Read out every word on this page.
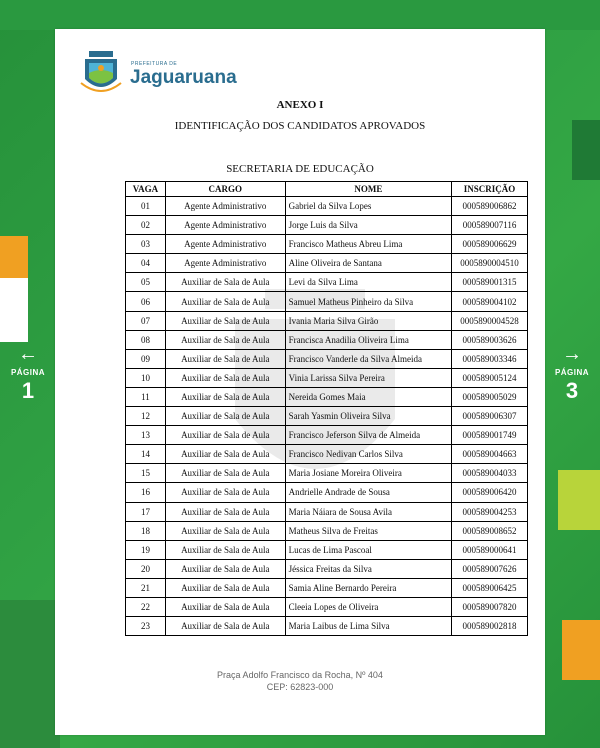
←
PÁGINA
1
→
PÁGINA
3
PREFEITURA DE
Jaguaruana
ANEXO I
IDENTIFICAÇÃO DOS CANDIDATOS APROVADOS
SECRETARIA DE EDUCAÇÃO
VAGA	CARGO	NOME	INSCRIÇÃO
01	Agente Administrativo	Gabriel da Silva Lopes	000589006862
02	Agente Administrativo	Jorge Luis da Silva	000589007116
03	Agente Administrativo	Francisco Matheus Abreu Lima	000589006629
04	Agente Administrativo	Aline Oliveira de Santana	0005890004510
05	Auxiliar de Sala de Aula	Levi da Silva Lima	000589001315
06	Auxiliar de Sala de Aula	Samuel Matheus Pinheiro da Silva	000589004102
07	Auxiliar de Sala de Aula	Ivania Maria Silva Girão	0005890004528
08	Auxiliar de Sala de Aula	Francisca Anadilia Oliveira Lima	000589003626
09	Auxiliar de Sala de Aula	Francisco Vanderle da Silva Almeida	000589003346
10	Auxiliar de Sala de Aula	Vinia Larissa Silva Pereira	000589005124
11	Auxiliar de Sala de Aula	Nereida Gomes Maia	000589005029
12	Auxiliar de Sala de Aula	Sarah Yasmin Oliveira Silva	000589006307
13	Auxiliar de Sala de Aula	Francisco Jeferson Silva de Almeida	000589001749
14	Auxiliar de Sala de Aula	Francisco Nedivan Carlos Silva	000589004663
15	Auxiliar de Sala de Aula	Maria Josiane Moreira Oliveira	000589004033
16	Auxiliar de Sala de Aula	Andrielle Andrade de Sousa	000589006420
17	Auxiliar de Sala de Aula	Maria Náiara de Sousa Avila	000589004253
18	Auxiliar de Sala de Aula	Matheus Silva de Freitas	000589008652
19	Auxiliar de Sala de Aula	Lucas de Lima Pascoal	000589000641
20	Auxiliar de Sala de Aula	Jéssica Freitas da Silva	000589007626
21	Auxiliar de Sala de Aula	Samia Aline Bernardo Pereira	000589006425
22	Auxiliar de Sala de Aula	Cleeia Lopes de Oliveira	000589007820
23	Auxiliar de Sala de Aula	Maria Laibus de Lima Silva	000589002818
Praça Adolfo Francisco da Rocha, Nº 404
CEP: 62823-000
